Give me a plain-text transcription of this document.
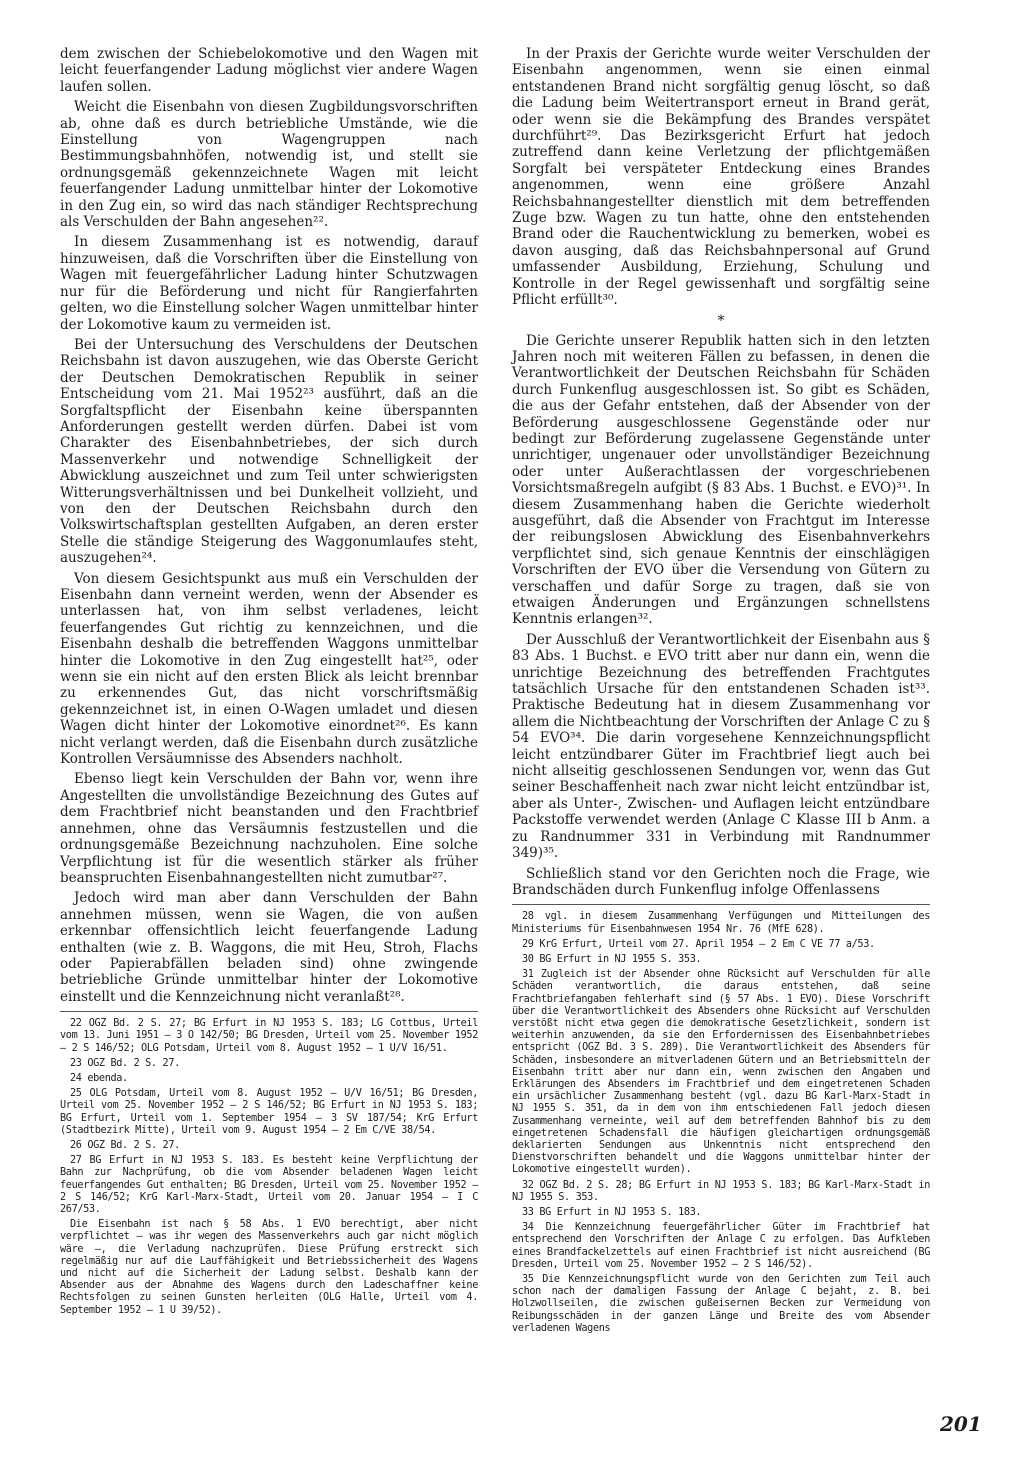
dem zwischen der Schiebelokomotive und den Wagen mit leicht feuerfangender Ladung möglichst vier andere Wagen laufen sollen.

Weicht die Eisenbahn von diesen Zugbildungsvorschriften ab, ohne daß es durch betriebliche Umstände, wie die Einstellung von Wagengruppen nach Bestimmungsbahnhöfen, notwendig ist, und stellt sie ordnungsgemäß gekennzeichnete Wagen mit leicht feuerfangender Ladung unmittelbar hinter der Lokomotive in den Zug ein, so wird das nach ständiger Rechtsprechung als Verschulden der Bahn angesehen²².

In diesem Zusammenhang ist es notwendig, darauf hinzuweisen, daß die Vorschriften über die Einstellung von Wagen mit feuergefährlicher Ladung hinter Schutzwagen nur für die Beförderung und nicht für Rangierfahrten gelten, wo die Einstellung solcher Wagen unmittelbar hinter der Lokomotive kaum zu vermeiden ist.

Bei der Untersuchung des Verschuldens der Deutschen Reichsbahn ist davon auszugehen, wie das Oberste Gericht der Deutschen Demokratischen Republik in seiner Entscheidung vom 21. Mai 1952²³ ausführt, daß an die Sorgfaltspflicht der Eisenbahn keine überspannten Anforderungen gestellt werden dürfen. Dabei ist vom Charakter des Eisenbahnbetriebes, der sich durch Massenverkehr und notwendige Schnelligkeit der Abwicklung auszeichnet und zum Teil unter schwierigsten Witterungsverhältnissen und bei Dunkelheit vollzieht, und von den der Deutschen Reichsbahn durch den Volkswirtschaftsplan gestellten Aufgaben, an deren erster Stelle die ständige Steigerung des Waggonumlaufes steht, auszugehen²⁴.

Von diesem Gesichtspunkt aus muß ein Verschulden der Eisenbahn dann verneint werden, wenn der Absender es unterlassen hat, von ihm selbst verladenes, leicht feuerfangendes Gut richtig zu kennzeichnen, und die Eisenbahn deshalb die betreffenden Waggons unmittelbar hinter die Lokomotive in den Zug eingestellt hat²⁵, oder wenn sie ein nicht auf den ersten Blick als leicht brennbar zu erkennendes Gut, das nicht vorschriftsmäßig gekennzeichnet ist, in einen O-Wagen umladet und diesen Wagen dicht hinter der Lokomotive einordnet²⁶. Es kann nicht verlangt werden, daß die Eisenbahn durch zusätzliche Kontrollen Versäumnisse des Absenders nachholt.

Ebenso liegt kein Verschulden der Bahn vor, wenn ihre Angestellten die unvollständige Bezeichnung des Gutes auf dem Frachtbrief nicht beanstanden und den Frachtbrief annehmen, ohne das Versäumnis festzustellen und die ordnungsgemäße Bezeichnung nachzuholen. Eine solche Verpflichtung ist für die wesentlich stärker als früher beanspruchten Eisenbahnangestellten nicht zumutbar²⁷.

Jedoch wird man aber dann Verschulden der Bahn annehmen müssen, wenn sie Wagen, die von außen erkennbar offensichtlich leicht feuerfangende Ladung enthalten (wie z. B. Waggons, die mit Heu, Stroh, Flachs oder Papierabfällen beladen sind) ohne zwingende betriebliche Gründe unmittelbar hinter der Lokomotive einstellt und die Kennzeichnung nicht veranlaßt²⁸.

22 OGZ Bd. 2 S. 27; BG Erfurt in NJ 1953 S. 183; LG Cottbus, Urteil vom 13. Juni 1951 — 3 O 142/50; BG Dresden, Urteil vom 25. November 1952 — 2 S 146/52; OLG Potsdam, Urteil vom 8. August 1952 — 1 U/V 16/51.

23 OGZ Bd. 2 S. 27.

24 ebenda.

25 OLG Potsdam, Urteil vom 8. August 1952 — U/V 16/51; BG Dresden, Urteil vom 25. November 1952 — 2 S 146/52; BG Erfurt in NJ 1953 S. 183; BG Erfurt, Urteil vom 1. September 1954 — 3 SV 187/54; KrG Erfurt (Stadtbezirk Mitte), Urteil vom 9. August 1954 — 2 Em C/VE 38/54.

26 OGZ Bd. 2 S. 27.

27 BG Erfurt in NJ 1953 S. 183. Es besteht keine Verpflichtung der Bahn zur Nachprüfung, ob die vom Absender beladenen Wagen leicht feuerfangendes Gut enthalten; BG Dresden, Urteil vom 25. November 1952 — 2 S 146/52; KrG Karl-Marx-Stadt, Urteil vom 20. Januar 1954 — I C 267/53.

Die Eisenbahn ist nach § 58 Abs. 1 EVO berechtigt, aber nicht verpflichtet — was ihr wegen des Massenverkehrs auch gar nicht möglich wäre —, die Verladung nachzuprüfen. Diese Prüfung erstreckt sich regelmäßig nur auf die Lauffähigkeit und Betriebssicherheit des Wagens und nicht auf die Sicherheit der Ladung selbst. Deshalb kann der Absender aus der Abnahme des Wagens durch den Ladeschaffner keine Rechtsfolgen zu seinen Gunsten herleiten (OLG Halle, Urteil vom 4. September 1952 — 1 U 39/52).

In der Praxis der Gerichte wurde weiter Verschulden der Eisenbahn angenommen, wenn sie einen einmal entstandenen Brand nicht sorgfältig genug löscht, so daß die Ladung beim Weitertransport erneut in Brand gerät, oder wenn sie die Bekämpfung des Brandes verspätet durchführt²⁹. Das Bezirksgericht Erfurt hat jedoch zutreffend dann keine Verletzung der pflichtgemäßen Sorgfalt bei verspäteter Entdeckung eines Brandes angenommen, wenn eine größere Anzahl Reichsbahnangestellter dienstlich mit dem betreffenden Zuge bzw. Wagen zu tun hatte, ohne den entstehenden Brand oder die Rauchentwicklung zu bemerken, wobei es davon ausging, daß das Reichsbahnpersonal auf Grund umfassender Ausbildung, Erziehung, Schulung und Kontrolle in der Regel gewissenhaft und sorgfältig seine Pflicht erfüllt³⁰.

*

Die Gerichte unserer Republik hatten sich in den letzten Jahren noch mit weiteren Fällen zu befassen, in denen die Verantwortlichkeit der Deutschen Reichsbahn für Schäden durch Funkenflug ausgeschlossen ist. So gibt es Schäden, die aus der Gefahr entstehen, daß der Absender von der Beförderung ausgeschlossene Gegenstände oder nur bedingt zur Beförderung zugelassene Gegenstände unter unrichtiger, ungenauer oder unvollständiger Bezeichnung oder unter Außerachtlassen der vorgeschriebenen Vorsichtsmaßregeln aufgibt (§ 83 Abs. 1 Buchst. e EVO)³¹. In diesem Zusammenhang haben die Gerichte wiederholt ausgeführt, daß die Absender von Frachtgut im Interesse der reibungslosen Abwicklung des Eisenbahnverkehrs verpflichtet sind, sich genaue Kenntnis der einschlägigen Vorschriften der EVO über die Versendung von Gütern zu verschaffen und dafür Sorge zu tragen, daß sie von etwaigen Änderungen und Ergänzungen schnellstens Kenntnis erlangen³².

Der Ausschluß der Verantwortlichkeit der Eisenbahn aus § 83 Abs. 1 Buchst. e EVO tritt aber nur dann ein, wenn die unrichtige Bezeichnung des betreffenden Frachtgutes tatsächlich Ursache für den entstandenen Schaden ist³³. Praktische Bedeutung hat in diesem Zusammenhang vor allem die Nichtbeachtung der Vorschriften der Anlage C zu § 54 EVO³⁴. Die darin vorgesehene Kennzeichnungspflicht leicht entzündbarer Güter im Frachtbrief liegt auch bei nicht allseitig geschlossenen Sendungen vor, wenn das Gut seiner Beschaffenheit nach zwar nicht leicht entzündbar ist, aber als Unter-, Zwischen- und Auflagen leicht entzündbare Packstoffe verwendet werden (Anlage C Klasse III b Anm. a zu Randnummer 331 in Verbindung mit Randnummer 349)³⁵.

Schließlich stand vor den Gerichten noch die Frage, wie Brandschäden durch Funkenflug infolge Offenlassens

28 vgl. in diesem Zusammenhang Verfügungen und Mitteilungen des Ministeriums für Eisenbahnwesen 1954 Nr. 76 (MfE 628).

29 KrG Erfurt, Urteil vom 27. April 1954 — 2 Em C VE 77 a/53.

30 BG Erfurt in NJ 1955 S. 353.

31 Zugleich ist der Absender ohne Rücksicht auf Verschulden für alle Schäden verantwortlich, die daraus entstehen, daß seine Frachtbriefangaben fehlerhaft sind (§ 57 Abs. 1 EVO). Diese Vorschrift über die Verantwortlichkeit des Absenders ohne Rücksicht auf Verschulden verstößt nicht etwa gegen die demokratische Gesetzlichkeit, sondern ist weiterhin anzuwenden, da sie den Erfordernissen des Eisenbahnbetriebes entspricht (OGZ Bd. 3 S. 289). Die Verantwortlichkeit des Absenders für Schäden, insbesondere an mitverladenen Gütern und an Betriebsmitteln der Eisenbahn tritt aber nur dann ein, wenn zwischen den Angaben und Erklärungen des Absenders im Frachtbrief und dem eingetretenen Schaden ein ursächlicher Zusammenhang besteht (vgl. dazu BG Karl-Marx-Stadt in NJ 1955 S. 351, da in dem von ihm entschiedenen Fall jedoch diesen Zusammenhang verneinte, weil auf dem betreffenden Bahnhof bis zu dem eingetretenen Schadensfall die häufigen gleichartigen ordnungsgemäß deklarierten Sendungen aus Unkenntnis nicht entsprechend den Dienstvorschriften behandelt und die Waggons unmittelbar hinter der Lokomotive eingestellt wurden).

32 OGZ Bd. 2 S. 28; BG Erfurt in NJ 1953 S. 183; BG Karl-Marx-Stadt in NJ 1955 S. 353.

33 BG Erfurt in NJ 1953 S. 183.

34 Die Kennzeichnung feuergefährlicher Güter im Frachtbrief hat entsprechend den Vorschriften der Anlage C zu erfolgen. Das Aufkleben eines Brandfackelzettels auf einen Frachtbrief ist nicht ausreichend (BG Dresden, Urteil vom 25. November 1952 — 2 S 146/52).

35 Die Kennzeichnungspflicht wurde von den Gerichten zum Teil auch schon nach der damaligen Fassung der Anlage C bejaht, z. B. bei Holzwollseilen, die zwischen gußeisernen Becken zur Vermeidung von Reibungsschäden in der ganzen Länge und Breite des vom Absender verladenen Wagens

201
